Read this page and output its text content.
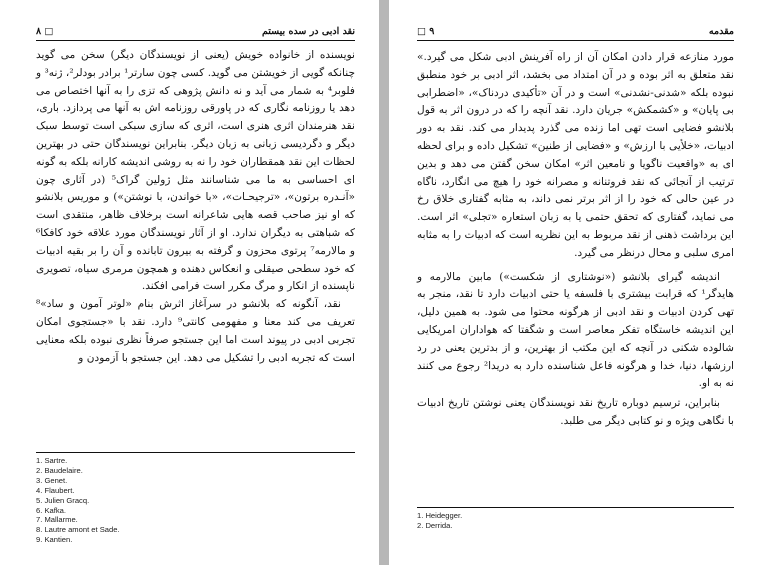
نقد ادبی در سده بیستم
۸ □

نویسنده از خانواده خویش (یعنی از نویسندگان دیگر) سخن می گوید چنانکه گویی از خویشتن می گوید. کسی چون سارتر¹ برادر بودلر²، ژنه³ و فلوبر⁴ به شمار می آید و نه دانش پژوهی که تزی را به آنها اختصاص می دهد یا روزنامه نگاری که در پاورقی روزنامه اش به آنها می پردازد. باری، نقد هنرمندان اثری هنری است، اثری که سازی سبکی است توسط سبک دیگر و دگردیسی زبانی به زبان دیگر. بنابراین نویسندگان حتی در بهترین لحظات این نقد همقطاران خود را نه به روشی اندیشه کارانه بلکه به گونه ای احساسی به ما می شناسانند مثل ژولین گراک⁵ (در آثاری چون «آنـدره برتون»، «ترجیحـات»، «با خواندن، با نوشتن») و موریس بلانشو که او نیز صاحب قصه هایی شاعرانه است برخلاف ظاهر، منتقدی است که شباهتی به دیگران ندارد. او از آثار نویسندگان مورد علاقه خود کافکا⁶ و مالارمه⁷ پرتوی محزون و گرفته به بیرون تابانده و آن را بر بقیه ادبیات که خود سطحی صیقلی و انعکاس دهنده و همچون مرمری سیاه، تصویری ناپسنده از انکار و مرگ مکرر است فرامی افکند.

نقد، آنگونه که بلانشو در سرآغاز اثرش بنام «لوتر آمون و ساد»⁸ تعریف می کند معنا و مفهومی کانتی⁹ دارد. نقد با «جستجوی امکان تجربی ادبی در پیوند است اما این جستجو صرفاً نظری نبوده بلکه معنایی است که تجربه ادبی را تشکیل می دهد. این جستجو با آزمودن و

1. Sartre.
2. Baudelaire.
3. Genet.
4. Flaubert.
5. Julien Gracq.
6. Kafka.
7. Mallarme.
8. Lautre amont et Sade.
9. Kantien.
مقدمه
□ ۹

مورد منازعه قرار دادن امکان آن از راه آفرینش ادبی شکل می گیرد.» نقد متعلق به اثر بوده و در آن امتداد می بخشد، اثر ادبی بر خود منطبق نبوده بلکه «شدنی-نشدنی» است و در آن «تأکیدی دردناک»، «اضطرابی بی پایان» و «کشمکش» جریان دارد. نقد آنچه را که در درون اثر به قول بلانشو فضایی است تهی اما زنده می گذرد پدیدار می کند. نقد به دور ادبیات، «خلأیی با ارزش» و «فضایی از طنین» تشکیل داده و برای لحظه ای به «واقعیت ناگویا و نامعین اثر» امکان سخن گفتن می دهد و بدین ترتیب از آنجائی که نقد فروتنانه و مصرانه خود را هیچ می انگارد، ناگاه در عین حالی که خود را از اثر برتر نمی داند، به مثابه گفتاری خلاق رخ می نماید، گفتاری که تحقق حتمی یا به زبان استعاره «تجلی» اثر است. این برداشت ذهنی از نقد مربوط به این نظریه است که ادبیات را به مثابه امری سلبی و محال درنظر می گیرد.

اندیشه گیرای بلانشو («نوشتاری از شکست») مابین مالارمه و هایدگر¹ که قرابت بیشتری با فلسفه یا حتی ادبیات دارد تا نقد، منجر به تهی کردن ادبیات و نقد ادبی از هرگونه محتوا می شود. به همین دلیل، این اندیشه خاستگاه تفکر معاصر است و شگفتا که هواداران امریکایی شالوده شکنی در آنچه که این مکتب از بهترین، و از بدترین یعنی در رد ارزشها، دنیا، خدا و هرگونه فاعل شناسنده دارد به دریدا² رجوع می کنند نه به او.

بنابراین، ترسیم دوباره تاریخ نقد نویسندگان یعنی نوشتن تاریخ ادبیات با نگاهی ویژه و نو کتابی دیگر می طلبد.

1. Heidegger.
2. Derrida.
